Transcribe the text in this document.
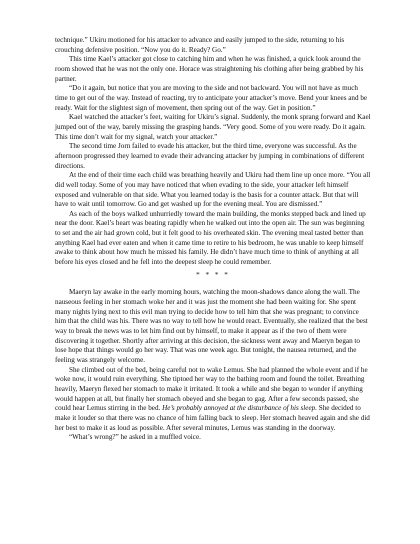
technique.” Ukiru motioned for his attacker to advance and easily jumped to the side, returning to his crouching defensive position. “Now you do it. Ready? Go.”

This time Kael’s attacker got close to catching him and when he was finished, a quick look around the room showed that he was not the only one. Horace was straightening his clothing after being grabbed by his partner.

“Do it again, but notice that you are moving to the side and not backward. You will not have as much time to get out of the way. Instead of reacting, try to anticipate your attacker’s move. Bend your knees and be ready. Wait for the slightest sign of movement, then spring out of the way. Get in position.”

Kael watched the attacker’s feet, waiting for Ukiru’s signal. Suddenly, the monk sprang forward and Kael jumped out of the way, barely missing the grasping hands. “Very good. Some of you were ready. Do it again. This time don’t wait for my signal, watch your attacker.”

The second time Jorn failed to evade his attacker, but the third time, everyone was successful. As the afternoon progressed they learned to evade their advancing attacker by jumping in combinations of different directions.

At the end of their time each child was breathing heavily and Ukiru had them line up once more. “You all did well today. Some of you may have noticed that when evading to the side, your attacker left himself exposed and vulnerable on that side. What you learned today is the basis for a counter attack. But that will have to wait until tomorrow. Go and get washed up for the evening meal. You are dismissed.”

As each of the boys walked unhurriedly toward the main building, the monks stepped back and lined up near the door. Kael’s heart was beating rapidly when he walked out into the open air. The sun was beginning to set and the air had grown cold, but it felt good to his overheated skin. The evening meal tasted better than anything Kael had ever eaten and when it came time to retire to his bedroom, he was unable to keep himself awake to think about how much he missed his family. He didn’t have much time to think of anything at all before his eyes closed and he fell into the deepest sleep he could remember.

* * * *

Maeryn lay awake in the early morning hours, watching the moon-shadows dance along the wall. The nauseous feeling in her stomach woke her and it was just the moment she had been waiting for. She spent many nights lying next to this evil man trying to decide how to tell him that she was pregnant; to convince him that the child was his. There was no way to tell how he would react. Eventually, she realized that the best way to break the news was to let him find out by himself, to make it appear as if the two of them were discovering it together. Shortly after arriving at this decision, the sickness went away and Maeryn began to lose hope that things would go her way. That was one week ago. But tonight, the nausea returned, and the feeling was strangely welcome.

She climbed out of the bed, being careful not to wake Lemus. She had planned the whole event and if he woke now, it would ruin everything. She tiptoed her way to the bathing room and found the toilet. Breathing heavily, Maeryn flexed her stomach to make it irritated. It took a while and she began to wonder if anything would happen at all, but finally her stomach obeyed and she began to gag. After a few seconds passed, she could hear Lemus stirring in the bed. He’s probably annoyed at the disturbance of his sleep. She decided to make it louder so that there was no chance of him falling back to sleep. Her stomach heaved again and she did her best to make it as loud as possible. After several minutes, Lemus was standing in the doorway.

“What’s wrong?” he asked in a muffled voice.
